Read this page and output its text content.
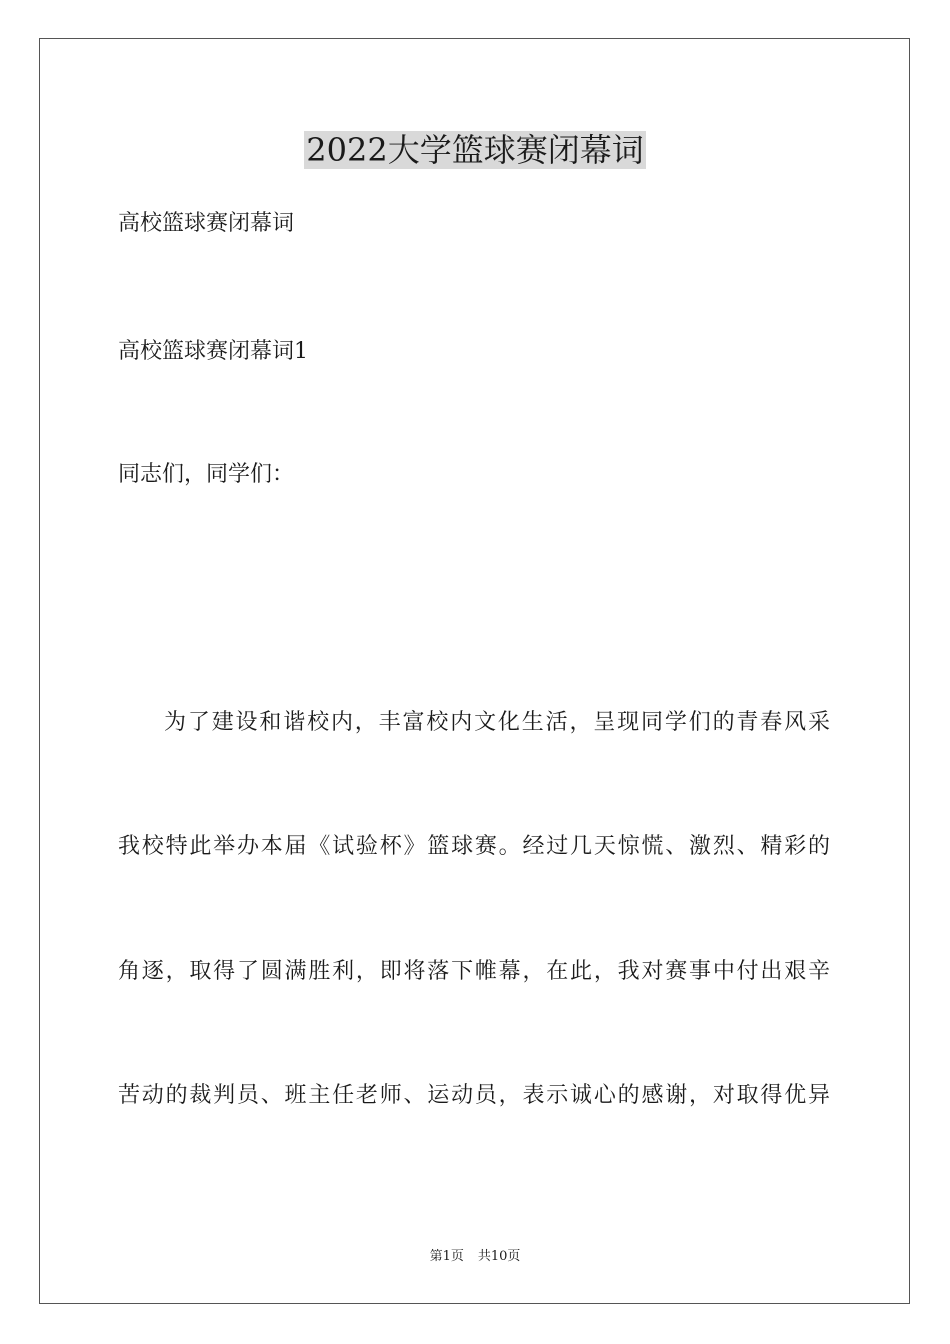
2022大学篮球赛闭幕词
高校篮球赛闭幕词
高校篮球赛闭幕词1
同志们，同学们：
为了建设和谐校内，丰富校内文化生活，呈现同学们的青春风采
我校特此举办本届《试验杯》篮球赛。经过几天惊慌、激烈、精彩的
角逐，取得了圆满胜利，即将落下帷幕，在此，我对赛事中付出艰辛
苦动的裁判员、班主任老师、运动员，表示诚心的感谢，对取得优异
第1页 共10页
